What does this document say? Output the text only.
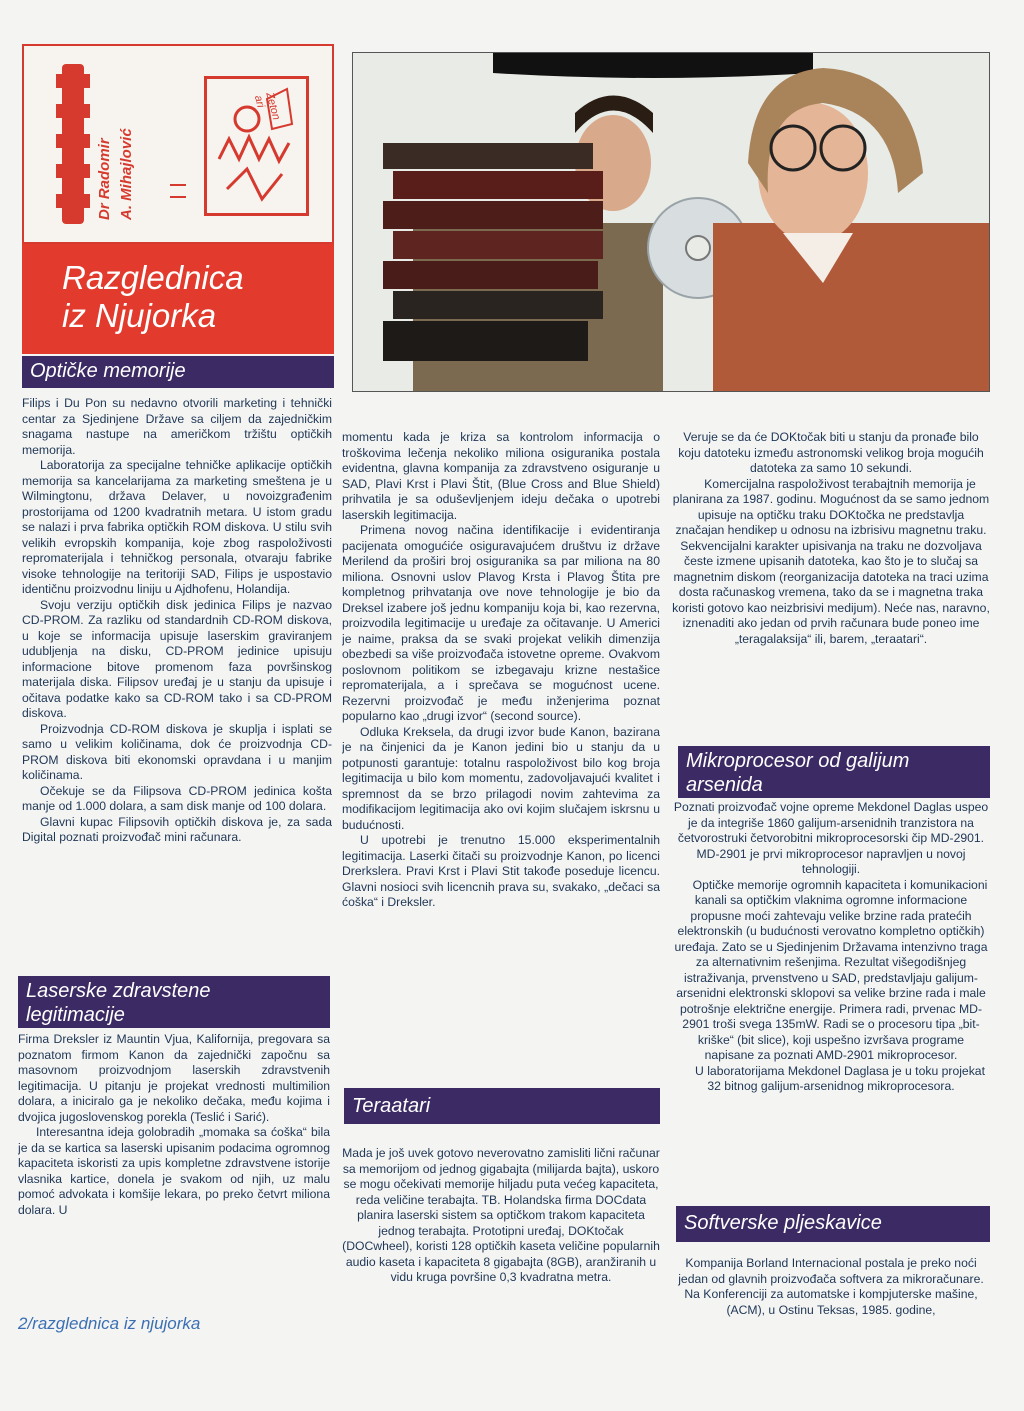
Dr Radomir A. Mihajlović
Zeton ari
Razglednica
iz Njujorka
Optičke memorije

Filips i Du Pon su nedavno otvorili marketing i tehnički centar za Sjedinjene Države sa ciljem da zajedničkim snagama nastupe na američkom tržištu optičkih memorija.

Laboratorija za specijalne tehničke aplikacije optičkih memorija sa kancelarijama za marketing smeštena je u Wilmingtonu, država Delaver, u novoizgrađenim prostorijama od 1200 kvadratnih metara. U istom gradu se nalazi i prva fabrika optičkih ROM diskova. U stilu svih velikih evropskih kompanija, koje zbog raspoloživosti repromaterijala i tehničkog personala, otvaraju fabrike visoke tehnologije na teritoriji SAD, Filips je uspostavio identičnu proizvodnu liniju u Ajdhofenu, Holandija.

Svoju verziju optičkih disk jedinica Filips je nazvao CD-PROM. Za razliku od standardnih CD-ROM diskova, u koje se informacija upisuje laserskim graviranjem udubljenja na disku, CD-PROM jedinice upisuju informacione bitove promenom faza površinskog materijala diska. Filipsov uređaj je u stanju da upisuje i očitava podatke kako sa CD-ROM tako i sa CD-PROM diskova.

Proizvodnja CD-ROM diskova je skuplja i isplati se samo u velikim količinama, dok će proizvodnja CD-PROM diskova biti ekonomski opravdana i u manjim količinama.

Očekuje se da Filipsova CD-PROM jedinica košta manje od 1.000 dolara, a sam disk manje od 100 dolara.

Glavni kupac Filipsovih optičkih diskova je, za sada Digital poznati proizvođač mini računara.

Laserske zdravstene
legitimacije

Firma Dreksler iz Mauntin Vjua, Kalifornija, pregovara sa poznatom firmom Kanon da zajednički započnu sa masovnom proizvodnjom laserskih zdravstvenih legitimacija. U pitanju je projekat vrednosti multimilion dolara, a iniciralo ga je nekoliko dečaka, među kojima i dvojica jugoslovenskog porekla (Teslić i Sarić).

Interesantna ideja golobradih „momaka sa ćoška“ bila je da se kartica sa laserski upisanim podacima ogromnog kapaciteta iskoristi za upis kompletne zdravstvene istorije vlasnika kartice, donela je svakom od njih, uz malu pomoć advokata i komšije lekara, po preko četvrt miliona dolara. U

momentu kada je kriza sa kontrolom informacija o troškovima lečenja nekoliko miliona osiguranika postala evidentna, glavna kompanija za zdravstveno osiguranje u SAD, Plavi Krst i Plavi Štit, (Blue Cross and Blue Shield) prihvatila je sa oduševljenjem ideju dečaka o upotrebi laserskih legitimacija.

Primena novog načina identifikacije i evidentiranja pacijenata omogućiće osiguravajućem društvu iz države Merilend da proširi broj osiguranika sa par miliona na 80 miliona. Osnovni uslov Plavog Krsta i Plavog Štita pre kompletnog prihvatanja ove nove tehnologije je bio da Dreksel izabere još jednu kompaniju koja bi, kao rezervna, proizvodila legitimacije u uređaje za očitavanje. U Americi je naime, praksa da se svaki projekat velikih dimenzija obezbedi sa više proizvođača istovetne opreme. Ovakvom poslovnom politikom se izbegavaju krizne nestašice repromaterijala, a i sprečava se mogućnost ucene. Rezervni proizvođač je među inženjerima poznat popularno kao „drugi izvor“ (second source).

Odluka Kreksela, da drugi izvor bude Kanon, bazirana je na činjenici da je Kanon jedini bio u stanju da u potpunosti garantuje: totalnu raspoloživost bilo kog broja legitimacija u bilo kom momentu, zadovoljavajući kvalitet i spremnost da se brzo prilagodi novim zahtevima za modifikacijom legitimacija ako ovi kojim slučajem iskrsnu u budućnosti.

U upotrebi je trenutno 15.000 eksperimentalnih legitimacija. Laserki čitači su proizvodnje Kanon, po licenci Drerkslera. Pravi Krst i Plavi Stit takođe poseduje licencu. Glavni nosioci svih licencnih prava su, svakako, „dečaci sa ćoška“ i Dreksler.

Teraatari

Mada je još uvek gotovo neverovatno zamisliti lični računar sa memorijom od jednog gigabajta (milijarda bajta), uskoro se mogu očekivati memorije hiljadu puta većeg kapaciteta, reda veličine terabajta. TB. Holandska firma DOCdata planira laserski sistem sa optičkom trakom kapaciteta jednog terabajta. Prototipni uređaj, DOKtočak (DOCwheel), koristi 128 optičkih kaseta veličine popularnih audio kaseta i kapaciteta 8 gigabajta (8GB), aranžiranih u vidu kruga površine 0,3 kvadratna metra.

Veruje se da će DOKtočak biti u stanju da pronađe bilo koju datoteku između astronomski velikog broja mogućih datoteka za samo 10 sekundi.

Komercijalna raspoloživost terabajtnih memorija je planirana za 1987. godinu. Mogućnost da se samo jednom upisuje na optičku traku DOKtočka ne predstavlja značajan hendikep u odnosu na izbrisivu magnetnu traku. Sekvencijalni karakter upisivanja na traku ne dozvoljava česte izmene upisanih datoteka, kao što je to slučaj sa magnetnim diskom (reorganizacija datoteka na traci uzima dosta računaskog vremena, tako da se i magnetna traka koristi gotovo kao neizbrisivi medijum). Neće nas, naravno, iznenaditi ako jedan od prvih računara bude poneo ime „teragalaksija“ ili, barem, „teraatari“.

Mikroprocesor od galijum
arsenida

Poznati proizvođač vojne opreme Mekdonel Daglas uspeo je da integriše 1860 galijum-arsenidnih tranzistora na četvorostruki četvorobitni mikroprocesorski čip MD-2901. MD-2901 je prvi mikroprocesor napravljen u novoj tehnologiji.

Optičke memorije ogromnih kapaciteta i komunikacioni kanali sa optičkim vlaknima ogromne informacione propusne moći zahtevaju velike brzine rada pratećih elektronskih (u budućnosti verovatno kompletno optičkih) uređaja. Zato se u Sjedinjenim Državama intenzivno traga za alternativnim rešenjima. Rezultat višegodišnjeg istraživanja, prvenstveno u SAD, predstavljaju galijum-arsenidni elektronski sklopovi sa velike brzine rada i male potrošnje električne energije. Primera radi, prvenac MD-2901 troši svega 135mW. Radi se o procesoru tipa „bit-kriške“ (bit slice), koji uspešno izvršava programe napisane za poznati AMD-2901 mikroprocesor.

U laboratorijama Mekdonel Daglasa je u toku projekat 32 bitnog galijum-arsenidnog mikroprocesora.

Softverske pljeskavice

Kompanija Borland Internacional postala je preko noći jedan od glavnih proizvođača softvera za mikroračunare. Na Konferenciji za automatske i kompjuterske mašine, (ACM), u Ostinu Teksas, 1985. godine,

2/razglednica iz njujorka
